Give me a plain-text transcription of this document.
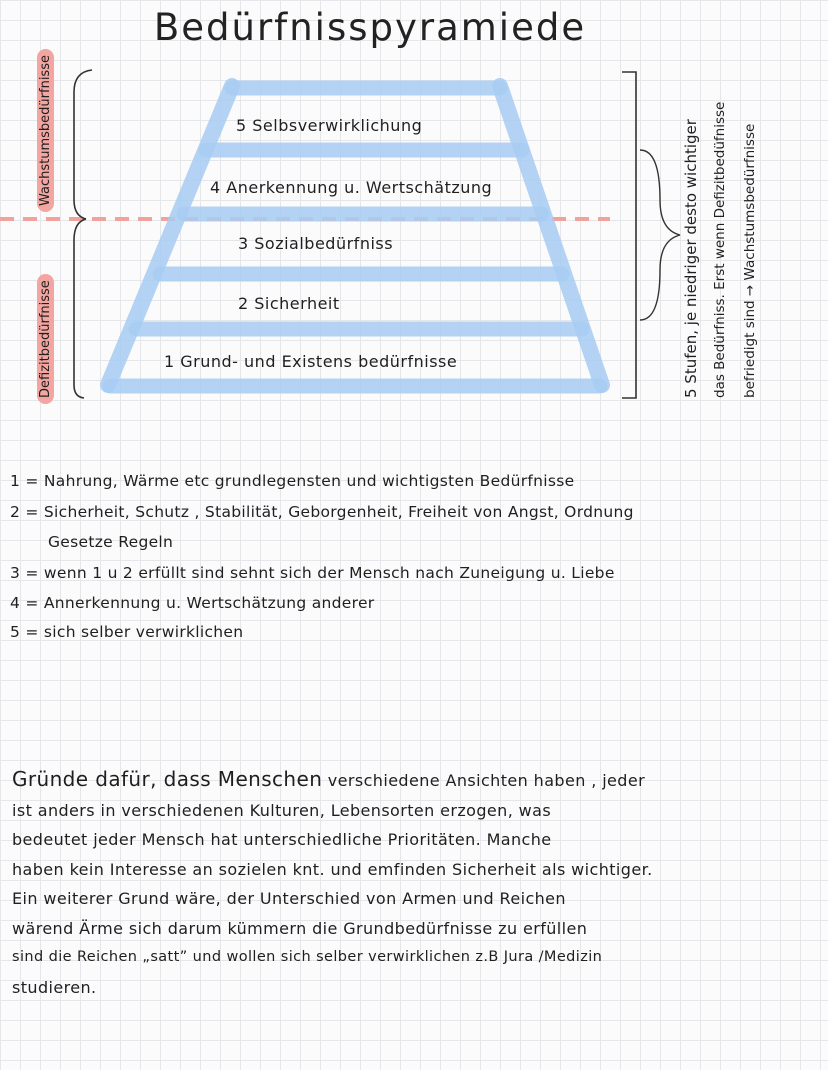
Bedürfnisspyramiede
5 Selbsverwirklichung
4 Anerkennung u. Wertschätzung
3 Sozialbedürfniss
2 Sicherheit
1 Grund- und Existens bedürfnisse
Wachstumsbedürfnisse
Defizitbedürfnisse	5 Stufen, je niedriger desto wichtiger das Bedürfniss. Erst wenn Defizitbedüfnisse befriedigt sind → Wachstumsbedürfnisse
1 = Nahrung, Wärme etc grundlegensten und wichtigsten Bedürfnisse
2 = Sicherheit, Schutz , Stabilität, Geborgenheit, Freiheit von Angst, Ordnung
Gesetze Regeln
3 = wenn 1 u 2 erfüllt sind sehnt sich der Mensch nach Zuneigung u. Liebe
4 = Annerkennung u. Wertschätzung anderer
5 = sich selber verwirklichen

Gründe dafür, dass Menschen verschiedene Ansichten haben , jeder

ist anders in verschiedenen Kulturen, Lebensorten erzogen, was

bedeutet jeder Mensch hat unterschiedliche Prioritäten. Manche

haben kein Interesse an sozielen knt. und emfinden Sicherheit als wichtiger.

Ein weiterer Grund wäre, der Unterschied von Armen und Reichen

wärend Ärme sich darum kümmern die Grundbedürfnisse zu erfüllen

sind die Reichen „satt” und wollen sich selber verwirklichen z.B Jura /Medizin

studieren.
